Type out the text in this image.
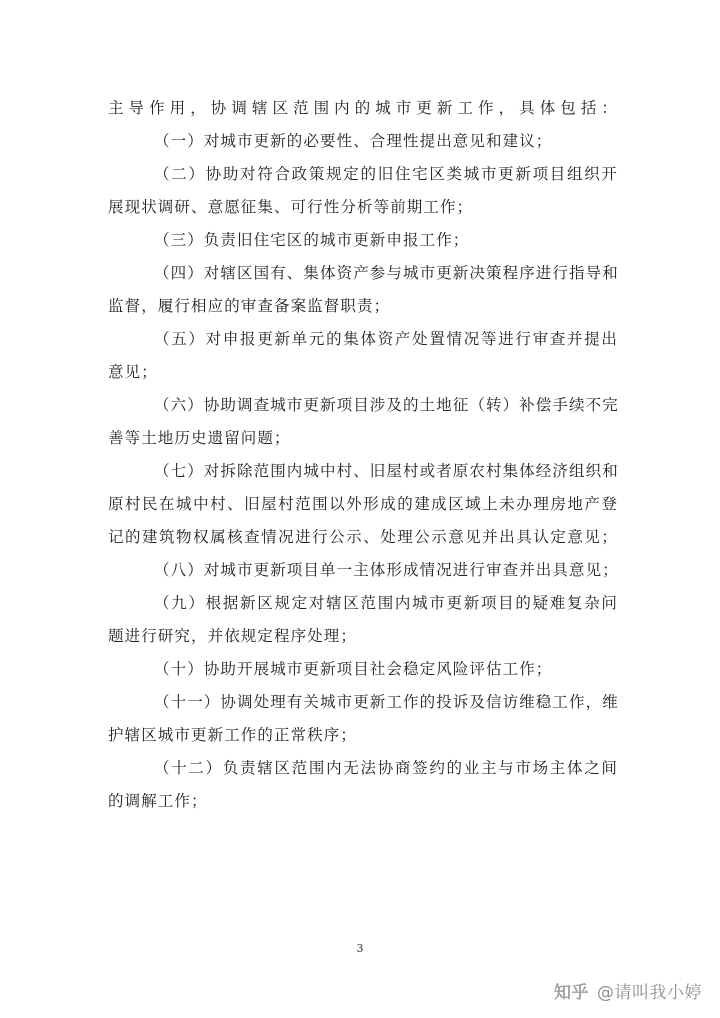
主导作用，协调辖区范围内的城市更新工作，具体包括：
（一）对城市更新的必要性、合理性提出意见和建议；
（二）协助对符合政策规定的旧住宅区类城市更新项目组织开
展现状调研、意愿征集、可行性分析等前期工作；
（三）负责旧住宅区的城市更新申报工作；
（四）对辖区国有、集体资产参与城市更新决策程序进行指导和
监督，履行相应的审查备案监督职责；
（五）对申报更新单元的集体资产处置情况等进行审查并提出
意见；
（六）协助调查城市更新项目涉及的土地征（转）补偿手续不完
善等土地历史遗留问题；
（七）对拆除范围内城中村、旧屋村或者原农村集体经济组织和
原村民在城中村、旧屋村范围以外形成的建成区域上未办理房地产登
记的建筑物权属核查情况进行公示、处理公示意见并出具认定意见；
（八）对城市更新项目单一主体形成情况进行审查并出具意见；
（九）根据新区规定对辖区范围内城市更新项目的疑难复杂问
题进行研究，并依规定程序处理；
（十）协助开展城市更新项目社会稳定风险评估工作；
（十一）协调处理有关城市更新工作的投诉及信访维稳工作，维
护辖区城市更新工作的正常秩序；
（十二）负责辖区范围内无法协商签约的业主与市场主体之间
的调解工作；
3
知乎 @请叫我小婷
